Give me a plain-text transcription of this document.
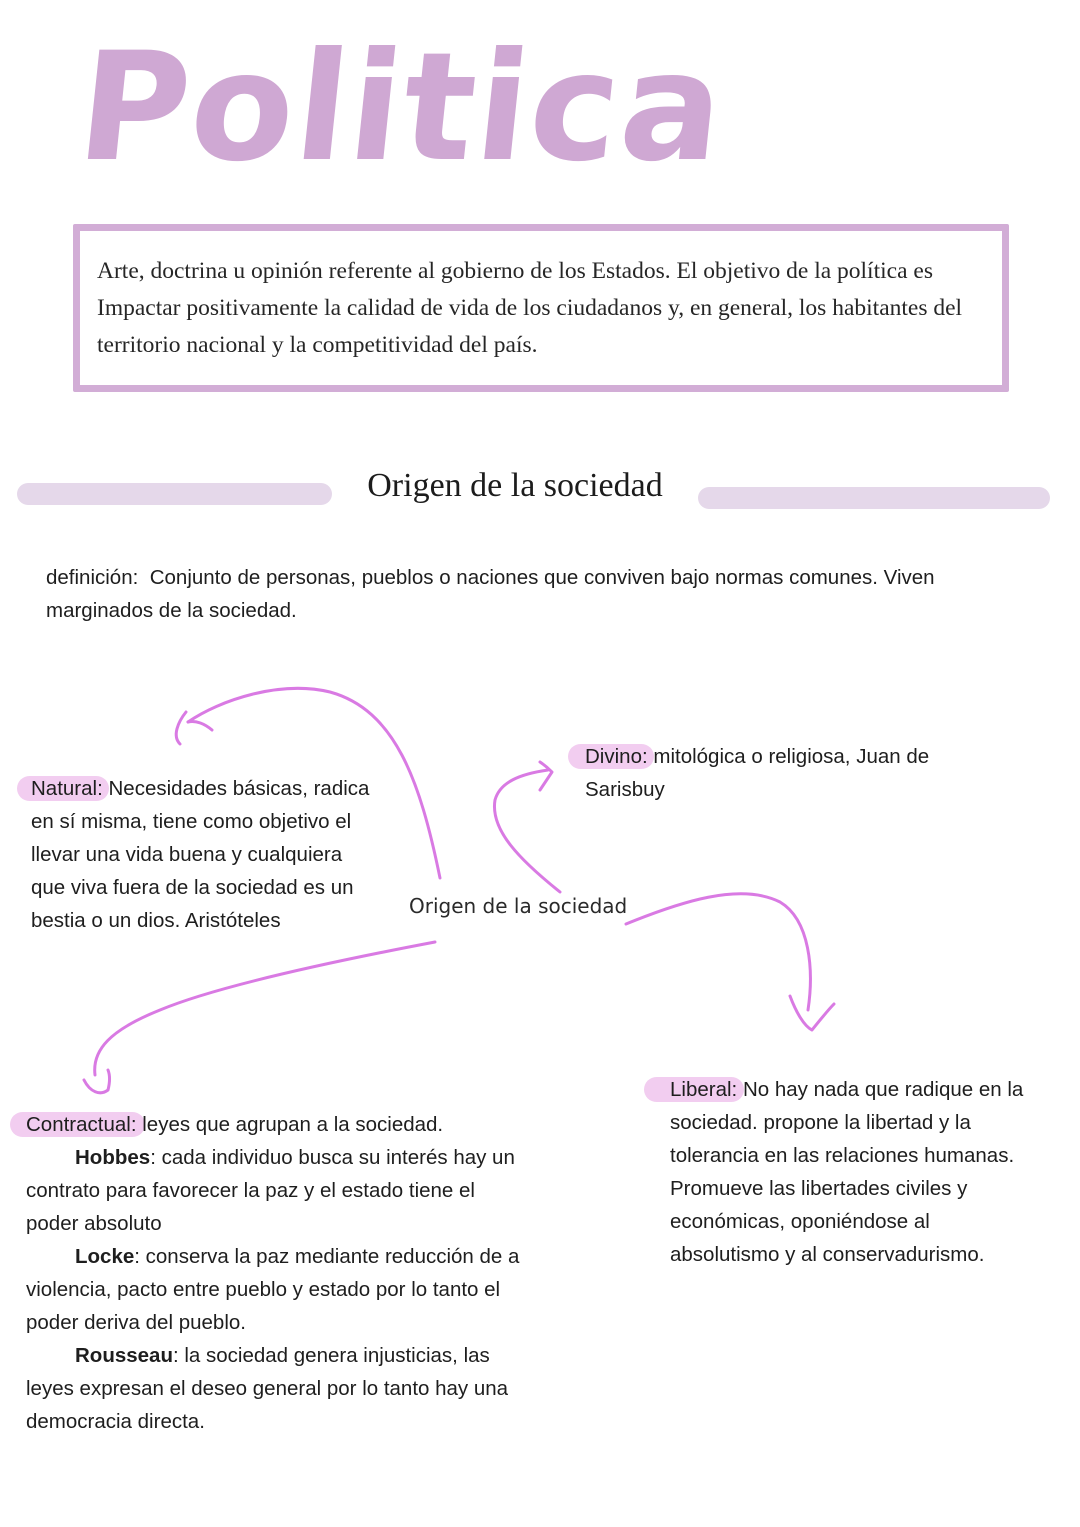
Politica
Arte, doctrina u opinión referente al gobierno de los Estados. El objetivo de la política es Impactar positivamente la calidad de vida de los ciudadanos y, en general, los habitantes del territorio nacional y la competitividad del país.
Origen de la sociedad
definición: Conjunto de personas, pueblos o naciones que conviven bajo normas comunes. Viven marginados de la sociedad.
Origen de la sociedad
Natural: Necesidades básicas, radica en sí misma, tiene como objetivo el llevar una vida buena y cualquiera que viva fuera de la sociedad es un bestia o un dios. Aristóteles
Divino: mitológica o religiosa, Juan de Sarisbuy
Contractual: leyes que agrupan a la sociedad.
Hobbes: cada individuo busca su interés hay un contrato para favorecer la paz y el estado tiene el poder absoluto
Locke: conserva la paz mediante reducción de a violencia, pacto entre pueblo y estado por lo tanto el poder deriva del pueblo.
Rousseau: la sociedad genera injusticias, las leyes expresan el deseo general por lo tanto hay una democracia directa.
Liberal: No hay nada que radique en la sociedad. propone la libertad y la tolerancia en las relaciones humanas. Promueve las libertades civiles y económicas, oponiéndose al absolutismo y al conservadurismo.
